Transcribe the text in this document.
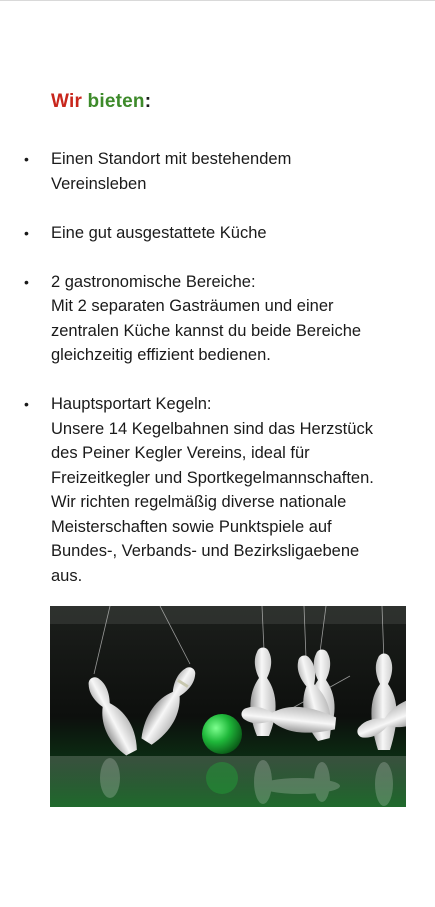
Wir bieten:
• Einen Standort mit bestehendem
Vereinsleben
• Eine gut ausgestattete Küche
• 2 gastronomische Bereiche:
Mit 2 separaten Gasträumen und einer
zentralen Küche kannst du beide Bereiche
gleichzeitig effizient bedienen.
• Hauptsportart Kegeln:
Unsere 14 Kegelbahnen sind das Herzstück
des Peiner Kegler Vereins, ideal für
Freizeitkegler und Sportkegelmannschaften.
Wir richten regelmäßig diverse nationale
Meisterschaften sowie Punktspiele auf
Bundes-, Verbands- und Bezirksligaebene
aus.
